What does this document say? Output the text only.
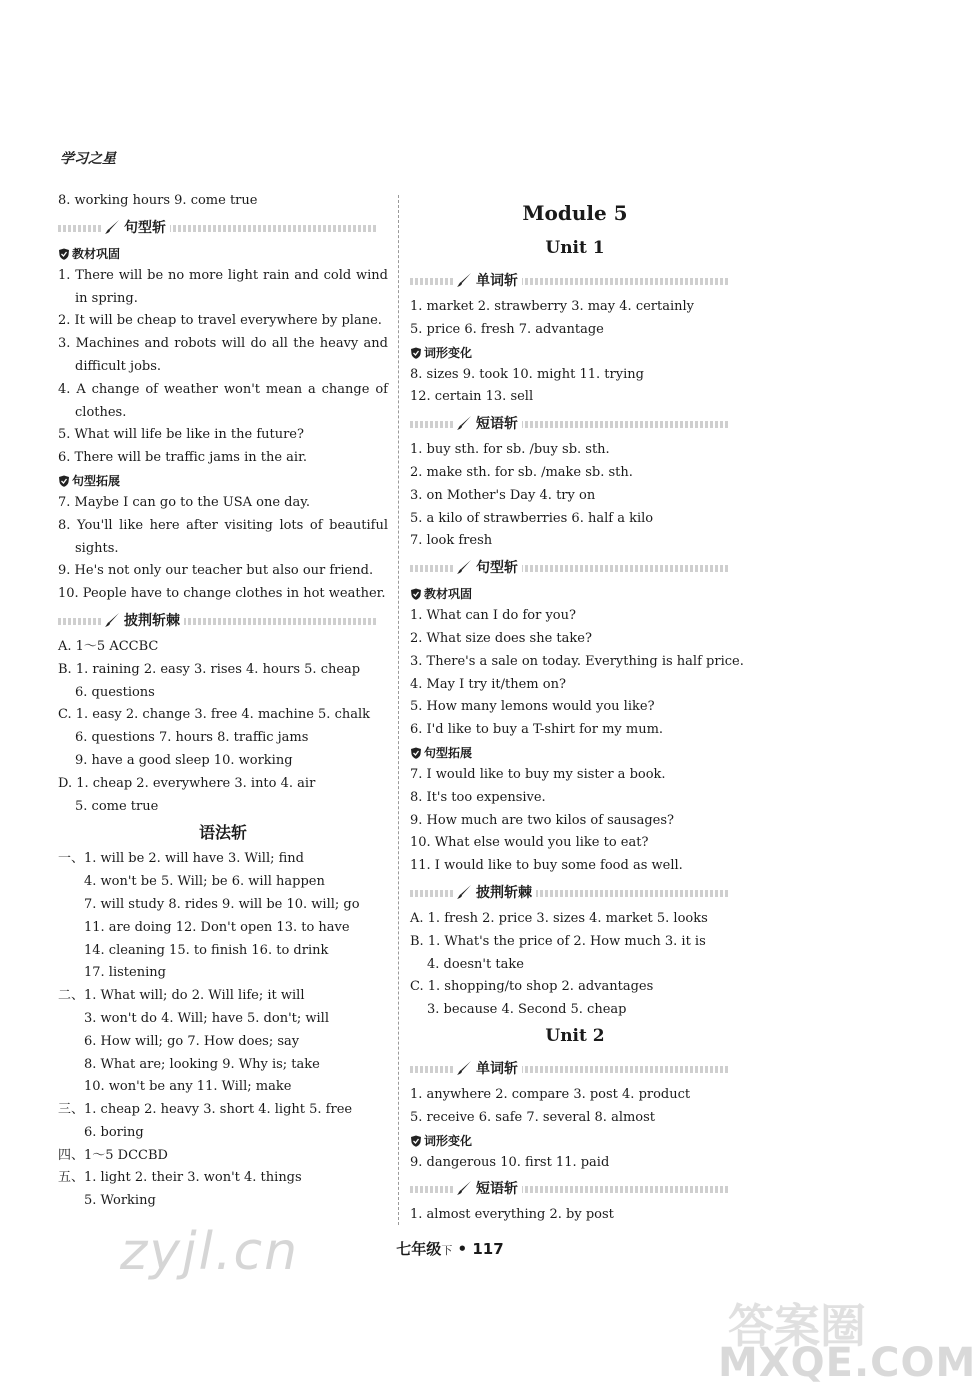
学习之星
8. working hours 9. come true
句型斩
教材巩固
1. There will be no more light rain and cold wind
in spring.
2. It will be cheap to travel everywhere by plane.
3. Machines and robots will do all the heavy and
difficult jobs.
4. A change of weather won't mean a change of
clothes.
5. What will life be like in the future?
6. There will be traffic jams in the air.
句型拓展
7. Maybe I can go to the USA one day.
8. You'll like here after visiting lots of beautiful
sights.
9. He's not only our teacher but also our friend.
10. People have to change clothes in hot weather.
披荆斩棘
A. 1～5 ACCBC
B. 1. raining 2. easy 3. rises 4. hours 5. cheap
6. questions
C. 1. easy 2. change 3. free 4. machine 5. chalk
6. questions 7. hours 8. traffic jams
9. have a good sleep 10. working
D. 1. cheap 2. everywhere 3. into 4. air
5. come true
语法斩
一、1. will be 2. will have 3. Will; find
4. won't be 5. Will; be 6. will happen
7. will study 8. rides 9. will be 10. will; go
11. are doing 12. Don't open 13. to have
14. cleaning 15. to finish 16. to drink
17. listening
二、1. What will; do 2. Will life; it will
3. won't do 4. Will; have 5. don't; will
6. How will; go 7. How does; say
8. What are; looking 9. Why is; take
10. won't be any 11. Will; make
三、1. cheap 2. heavy 3. short 4. light 5. free
6. boring
四、1～5 DCCBD
五、1. light 2. their 3. won't 4. things
5. Working
Module 5
Unit 1
单词斩
1. market 2. strawberry 3. may 4. certainly
5. price 6. fresh 7. advantage
词形变化
8. sizes 9. took 10. might 11. trying
12. certain 13. sell
短语斩
1. buy sth. for sb. /buy sb. sth.
2. make sth. for sb. /make sb. sth.
3. on Mother's Day 4. try on
5. a kilo of strawberries 6. half a kilo
7. look fresh
句型斩
教材巩固
1. What can I do for you?
2. What size does she take?
3. There's a sale on today. Everything is half price.
4. May I try it/them on?
5. How many lemons would you like?
6. I'd like to buy a T-shirt for my mum.
句型拓展
7. I would like to buy my sister a book.
8. It's too expensive.
9. How much are two kilos of sausages?
10. What else would you like to eat?
11. I would like to buy some food as well.
披荆斩棘
A. 1. fresh 2. price 3. sizes 4. market 5. looks
B. 1. What's the price of 2. How much 3. it is
4. doesn't take
C. 1. shopping/to shop 2. advantages
3. because 4. Second 5. cheap
Unit 2
单词斩
1. anywhere 2. compare 3. post 4. product
5. receive 6. safe 7. several 8. almost
词形变化
9. dangerous 10. first 11. paid
短语斩
1. almost everything 2. by post
七年级下 • 117
zyjl.cn
答案圈
MXQE.COM
